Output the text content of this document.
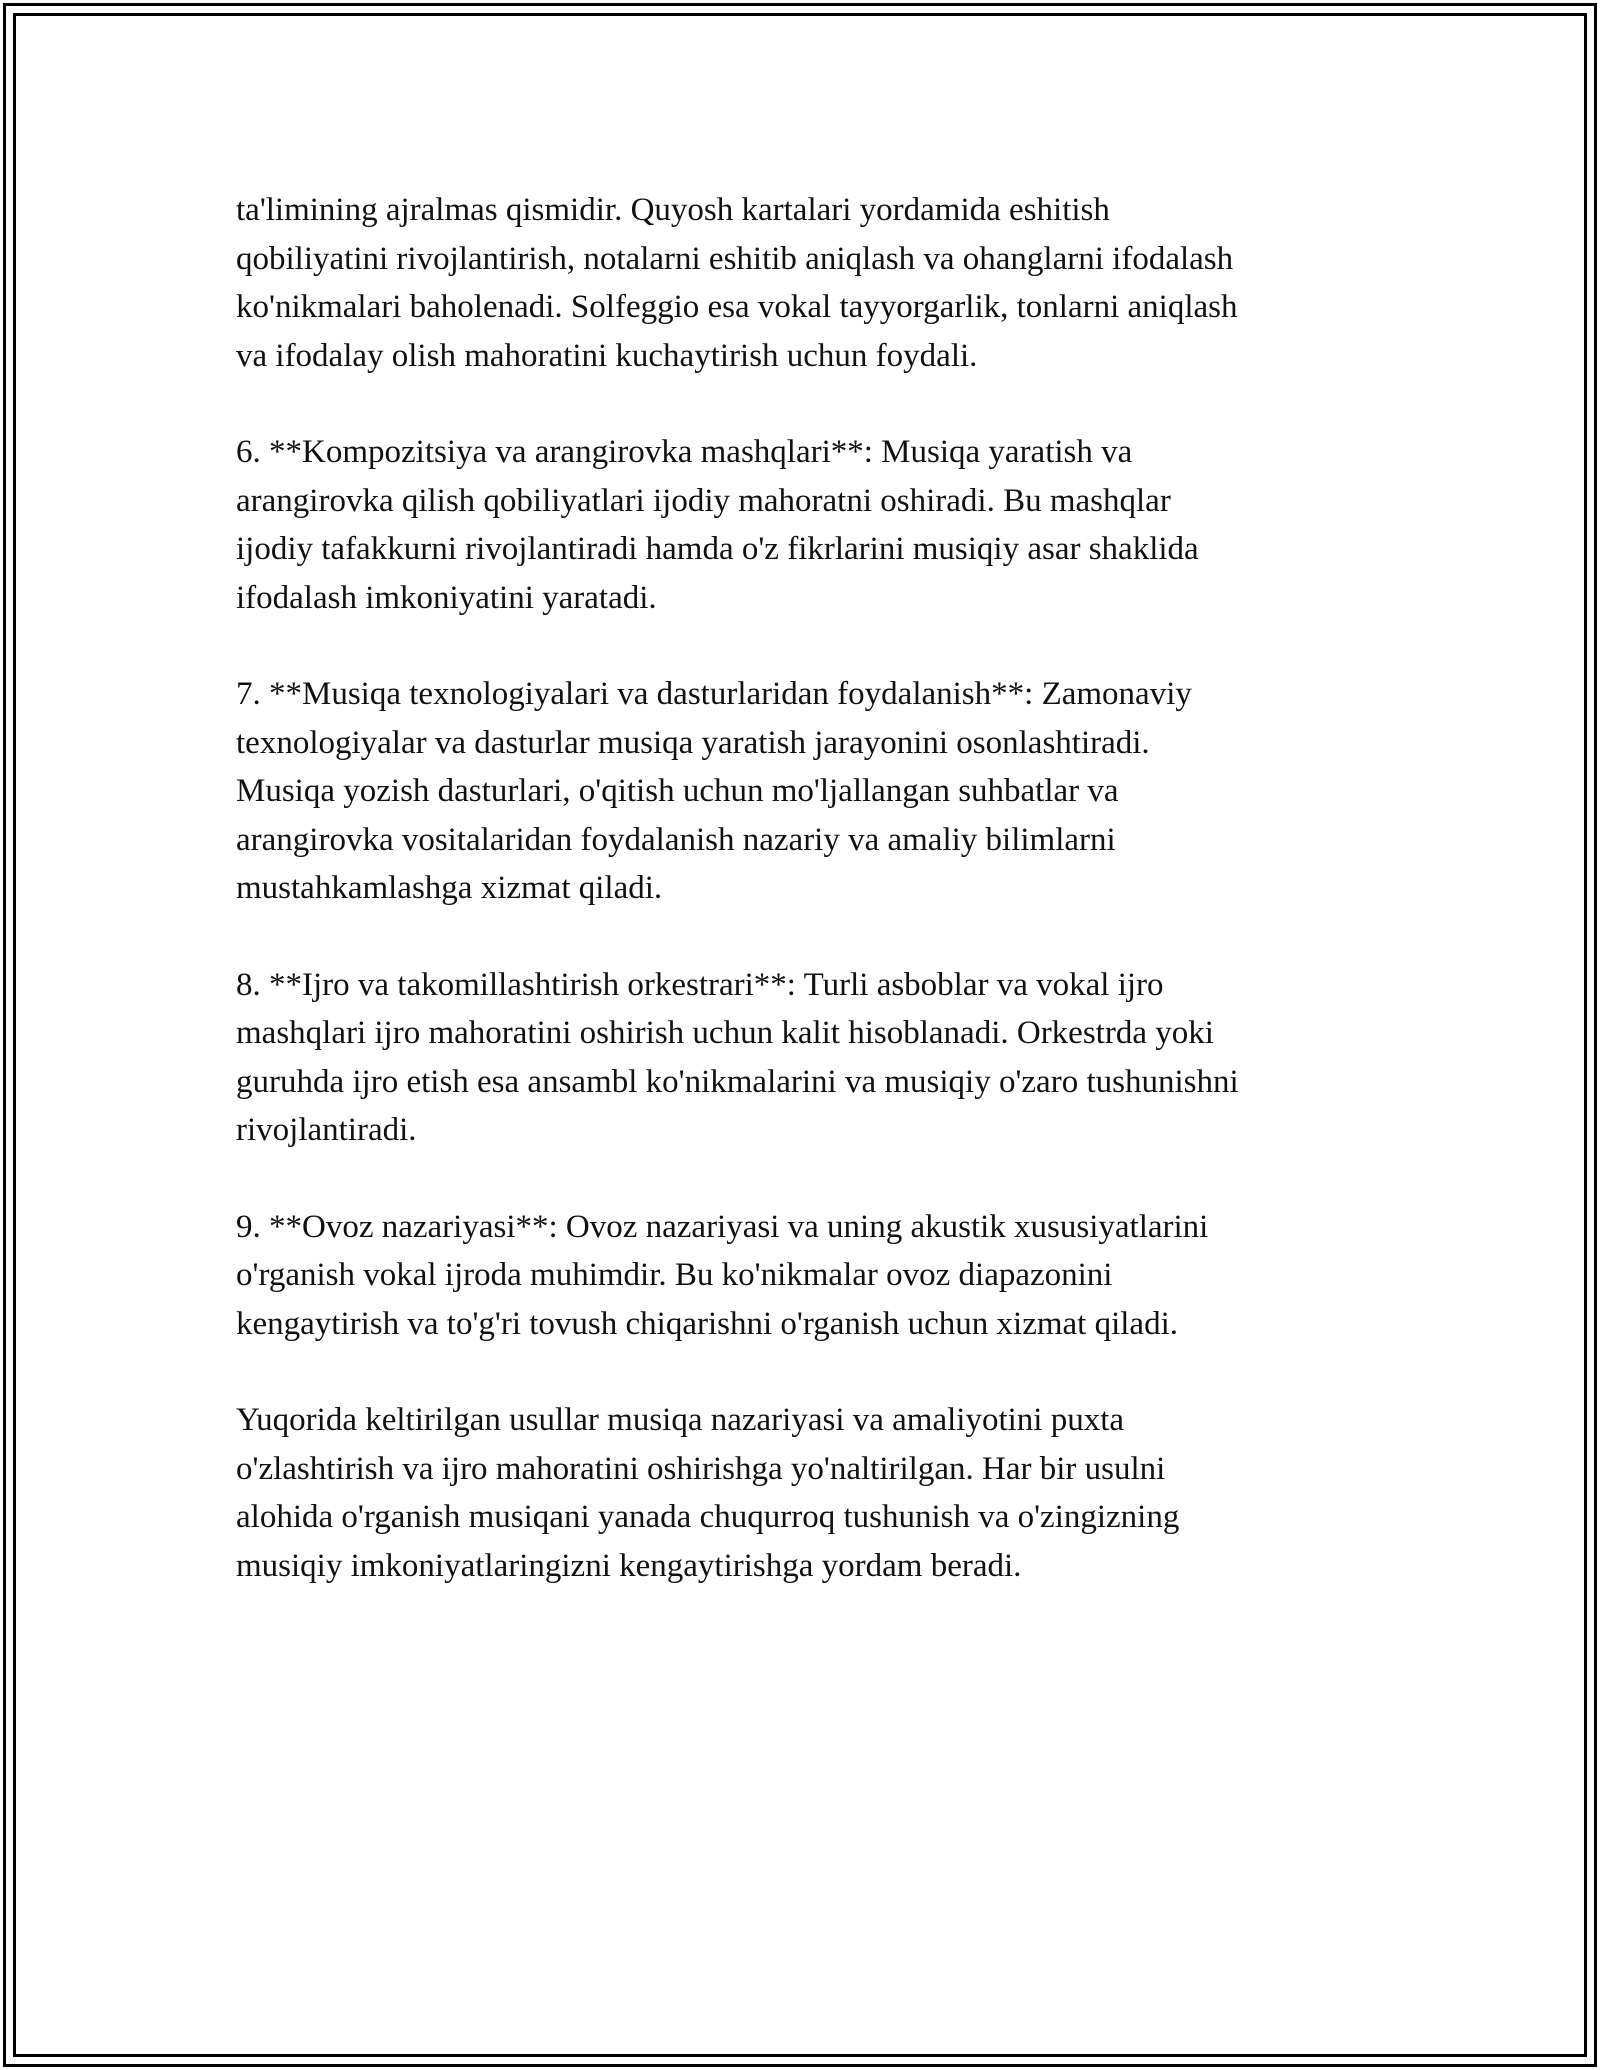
ta'limining ajralmas qismidir. Quyosh kartalari yordamida eshitish
qobiliyatini rivojlantirish, notalarni eshitib aniqlash va ohanglarni ifodalash
ko'nikmalari baholenadi. Solfeggio esa vokal tayyorgarlik, tonlarni aniqlash
va ifodalay olish mahoratini kuchaytirish uchun foydali.

6. **Kompozitsiya va arangirovka mashqlari**: Musiqa yaratish va
arangirovka qilish qobiliyatlari ijodiy mahoratni oshiradi. Bu mashqlar
ijodiy tafakkurni rivojlantiradi hamda o'z fikrlarini musiqiy asar shaklida
ifodalash imkoniyatini yaratadi.

7. **Musiqa texnologiyalari va dasturlaridan foydalanish**: Zamonaviy
texnologiyalar va dasturlar musiqa yaratish jarayonini osonlashtiradi.
Musiqa yozish dasturlari, o'qitish uchun mo'ljallangan suhbatlar va
arangirovka vositalaridan foydalanish nazariy va amaliy bilimlarni
mustahkamlashga xizmat qiladi.

8. **Ijro va takomillashtirish orkestrari**: Turli asboblar va vokal ijro
mashqlari ijro mahoratini oshirish uchun kalit hisoblanadi. Orkestrda yoki
guruhda ijro etish esa ansambl ko'nikmalarini va musiqiy o'zaro tushunishni
rivojlantiradi.

9. **Ovoz nazariyasi**: Ovoz nazariyasi va uning akustik xususiyatlarini
o'rganish vokal ijroda muhimdir. Bu ko'nikmalar ovoz diapazonini
kengaytirish va to'g'ri tovush chiqarishni o'rganish uchun xizmat qiladi.

Yuqorida keltirilgan usullar musiqa nazariyasi va amaliyotini puxta
o'zlashtirish va ijro mahoratini oshirishga yo'naltirilgan. Har bir usulni
alohida o'rganish musiqani yanada chuqurroq tushunish va o'zingizning
musiqiy imkoniyatlaringizni kengaytirishga yordam beradi.
